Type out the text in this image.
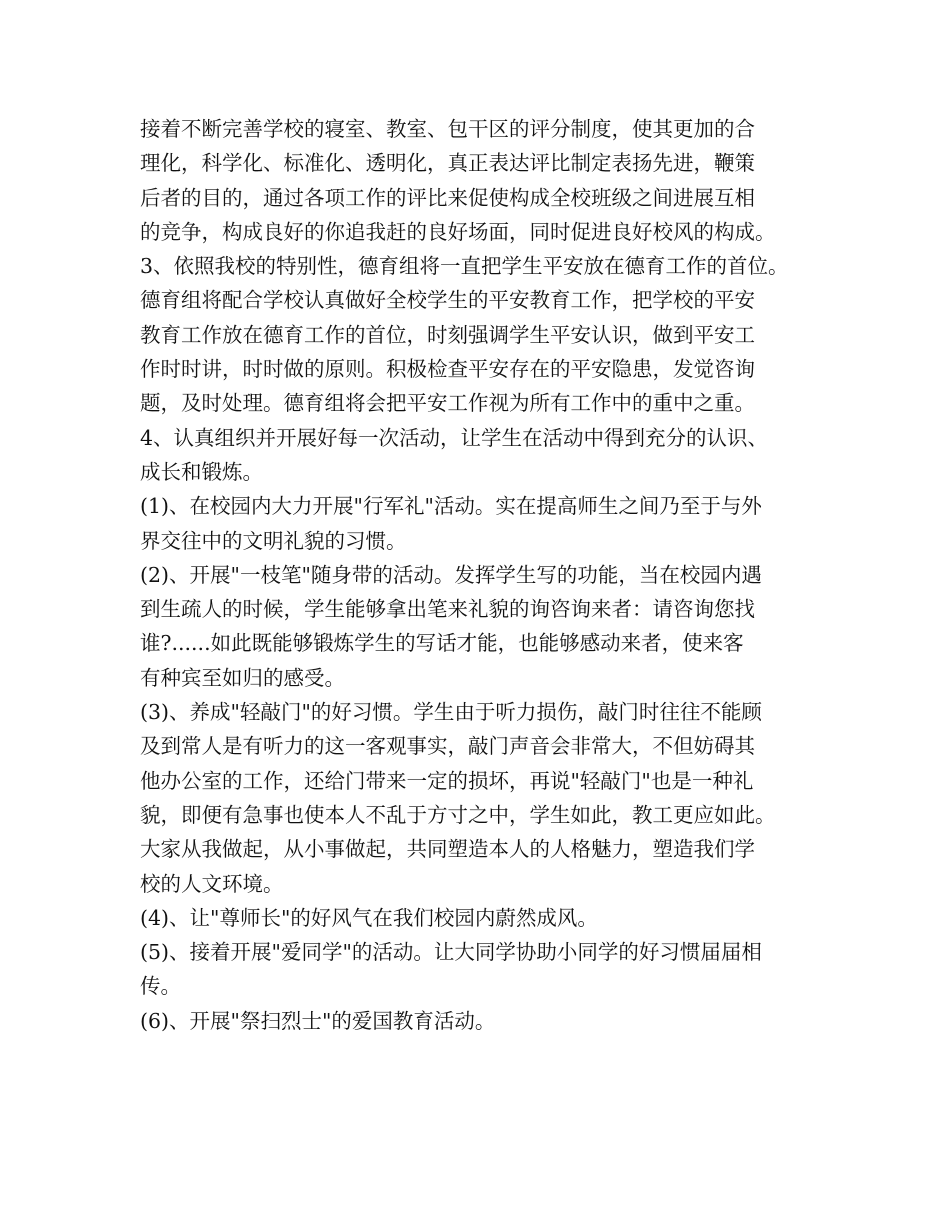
接着不断完善学校的寝室、教室、包干区的评分制度，使其更加的合
理化，科学化、标准化、透明化，真正表达评比制定表扬先进，鞭策
后者的目的，通过各项工作的评比来促使构成全校班级之间进展互相
的竞争，构成良好的你追我赶的良好场面，同时促进良好校风的构成。
3、依照我校的特别性，德育组将一直把学生平安放在德育工作的首位。
德育组将配合学校认真做好全校学生的平安教育工作，把学校的平安
教育工作放在德育工作的首位，时刻强调学生平安认识，做到平安工
作时时讲，时时做的原则。积极检查平安存在的平安隐患，发觉咨询
题，及时处理。德育组将会把平安工作视为所有工作中的重中之重。
4、认真组织并开展好每一次活动，让学生在活动中得到充分的认识、
成长和锻炼。
(1)、在校园内大力开展"行军礼"活动。实在提高师生之间乃至于与外
界交往中的文明礼貌的习惯。
(2)、开展"一枝笔"随身带的活动。发挥学生写的功能，当在校园内遇
到生疏人的时候，学生能够拿出笔来礼貌的询咨询来者：请咨询您找
谁?......如此既能够锻炼学生的写话才能，也能够感动来者，使来客
有种宾至如归的感受。
(3)、养成"轻敲门"的好习惯。学生由于听力损伤，敲门时往往不能顾
及到常人是有听力的这一客观事实，敲门声音会非常大，不但妨碍其
他办公室的工作，还给门带来一定的损坏，再说"轻敲门"也是一种礼
貌，即便有急事也使本人不乱于方寸之中，学生如此，教工更应如此。
大家从我做起，从小事做起，共同塑造本人的人格魅力，塑造我们学
校的人文环境。
(4)、让"尊师长"的好风气在我们校园内蔚然成风。
(5)、接着开展"爱同学"的活动。让大同学协助小同学的好习惯届届相
传。
(6)、开展"祭扫烈士"的爱国教育活动。
